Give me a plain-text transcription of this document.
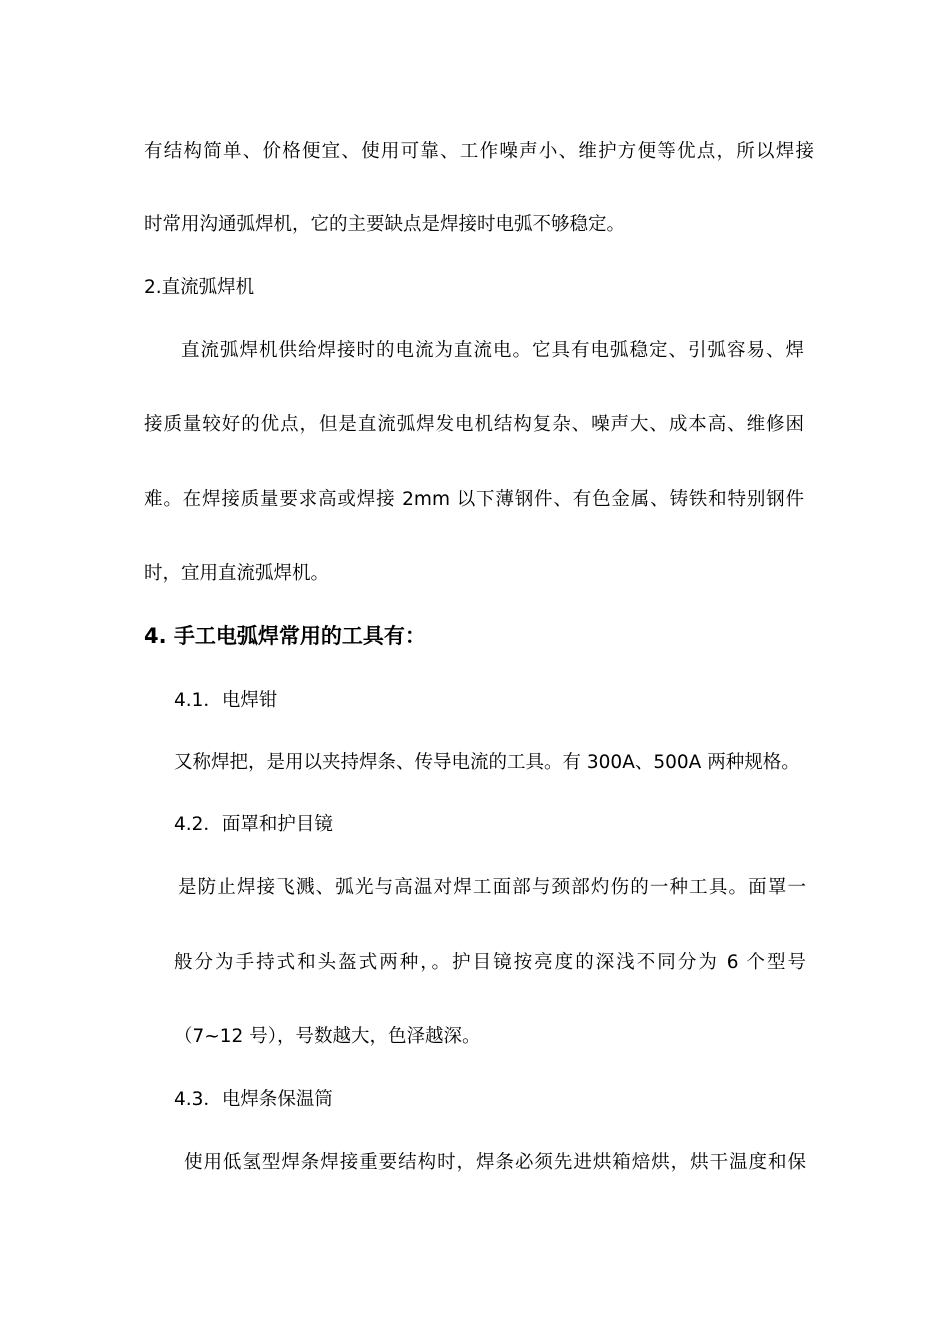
有结构简单、价格便宜、使用可靠、工作噪声小、维护方便等优点，所以焊接
时常用沟通弧焊机，它的主要缺点是焊接时电弧不够稳定。
2.直流弧焊机
直流弧焊机供给焊接时的电流为直流电。它具有电弧稳定、引弧容易、焊
接质量较好的优点，但是直流弧焊发电机结构复杂、噪声大、成本高、维修困
难。在焊接质量要求高或焊接 2mm 以下薄钢件、有色金属、铸铁和特别钢件
时，宜用直流弧焊机。
4. 手工电弧焊常用的工具有：
4.1．电焊钳
又称焊把，是用以夹持焊条、传导电流的工具。有 300A、500A 两种规格。
4.2．面罩和护目镜
是防止焊接飞溅、弧光与高温对焊工面部与颈部灼伤的一种工具。面罩一
般分为手持式和头盔式两种，。护目镜按亮度的深浅不同分为 6 个型号
（7~12 号），号数越大，色泽越深。
4.3．电焊条保温筒
使用低氢型焊条焊接重要结构时，焊条必须先进烘箱焙烘，烘干温度和保
